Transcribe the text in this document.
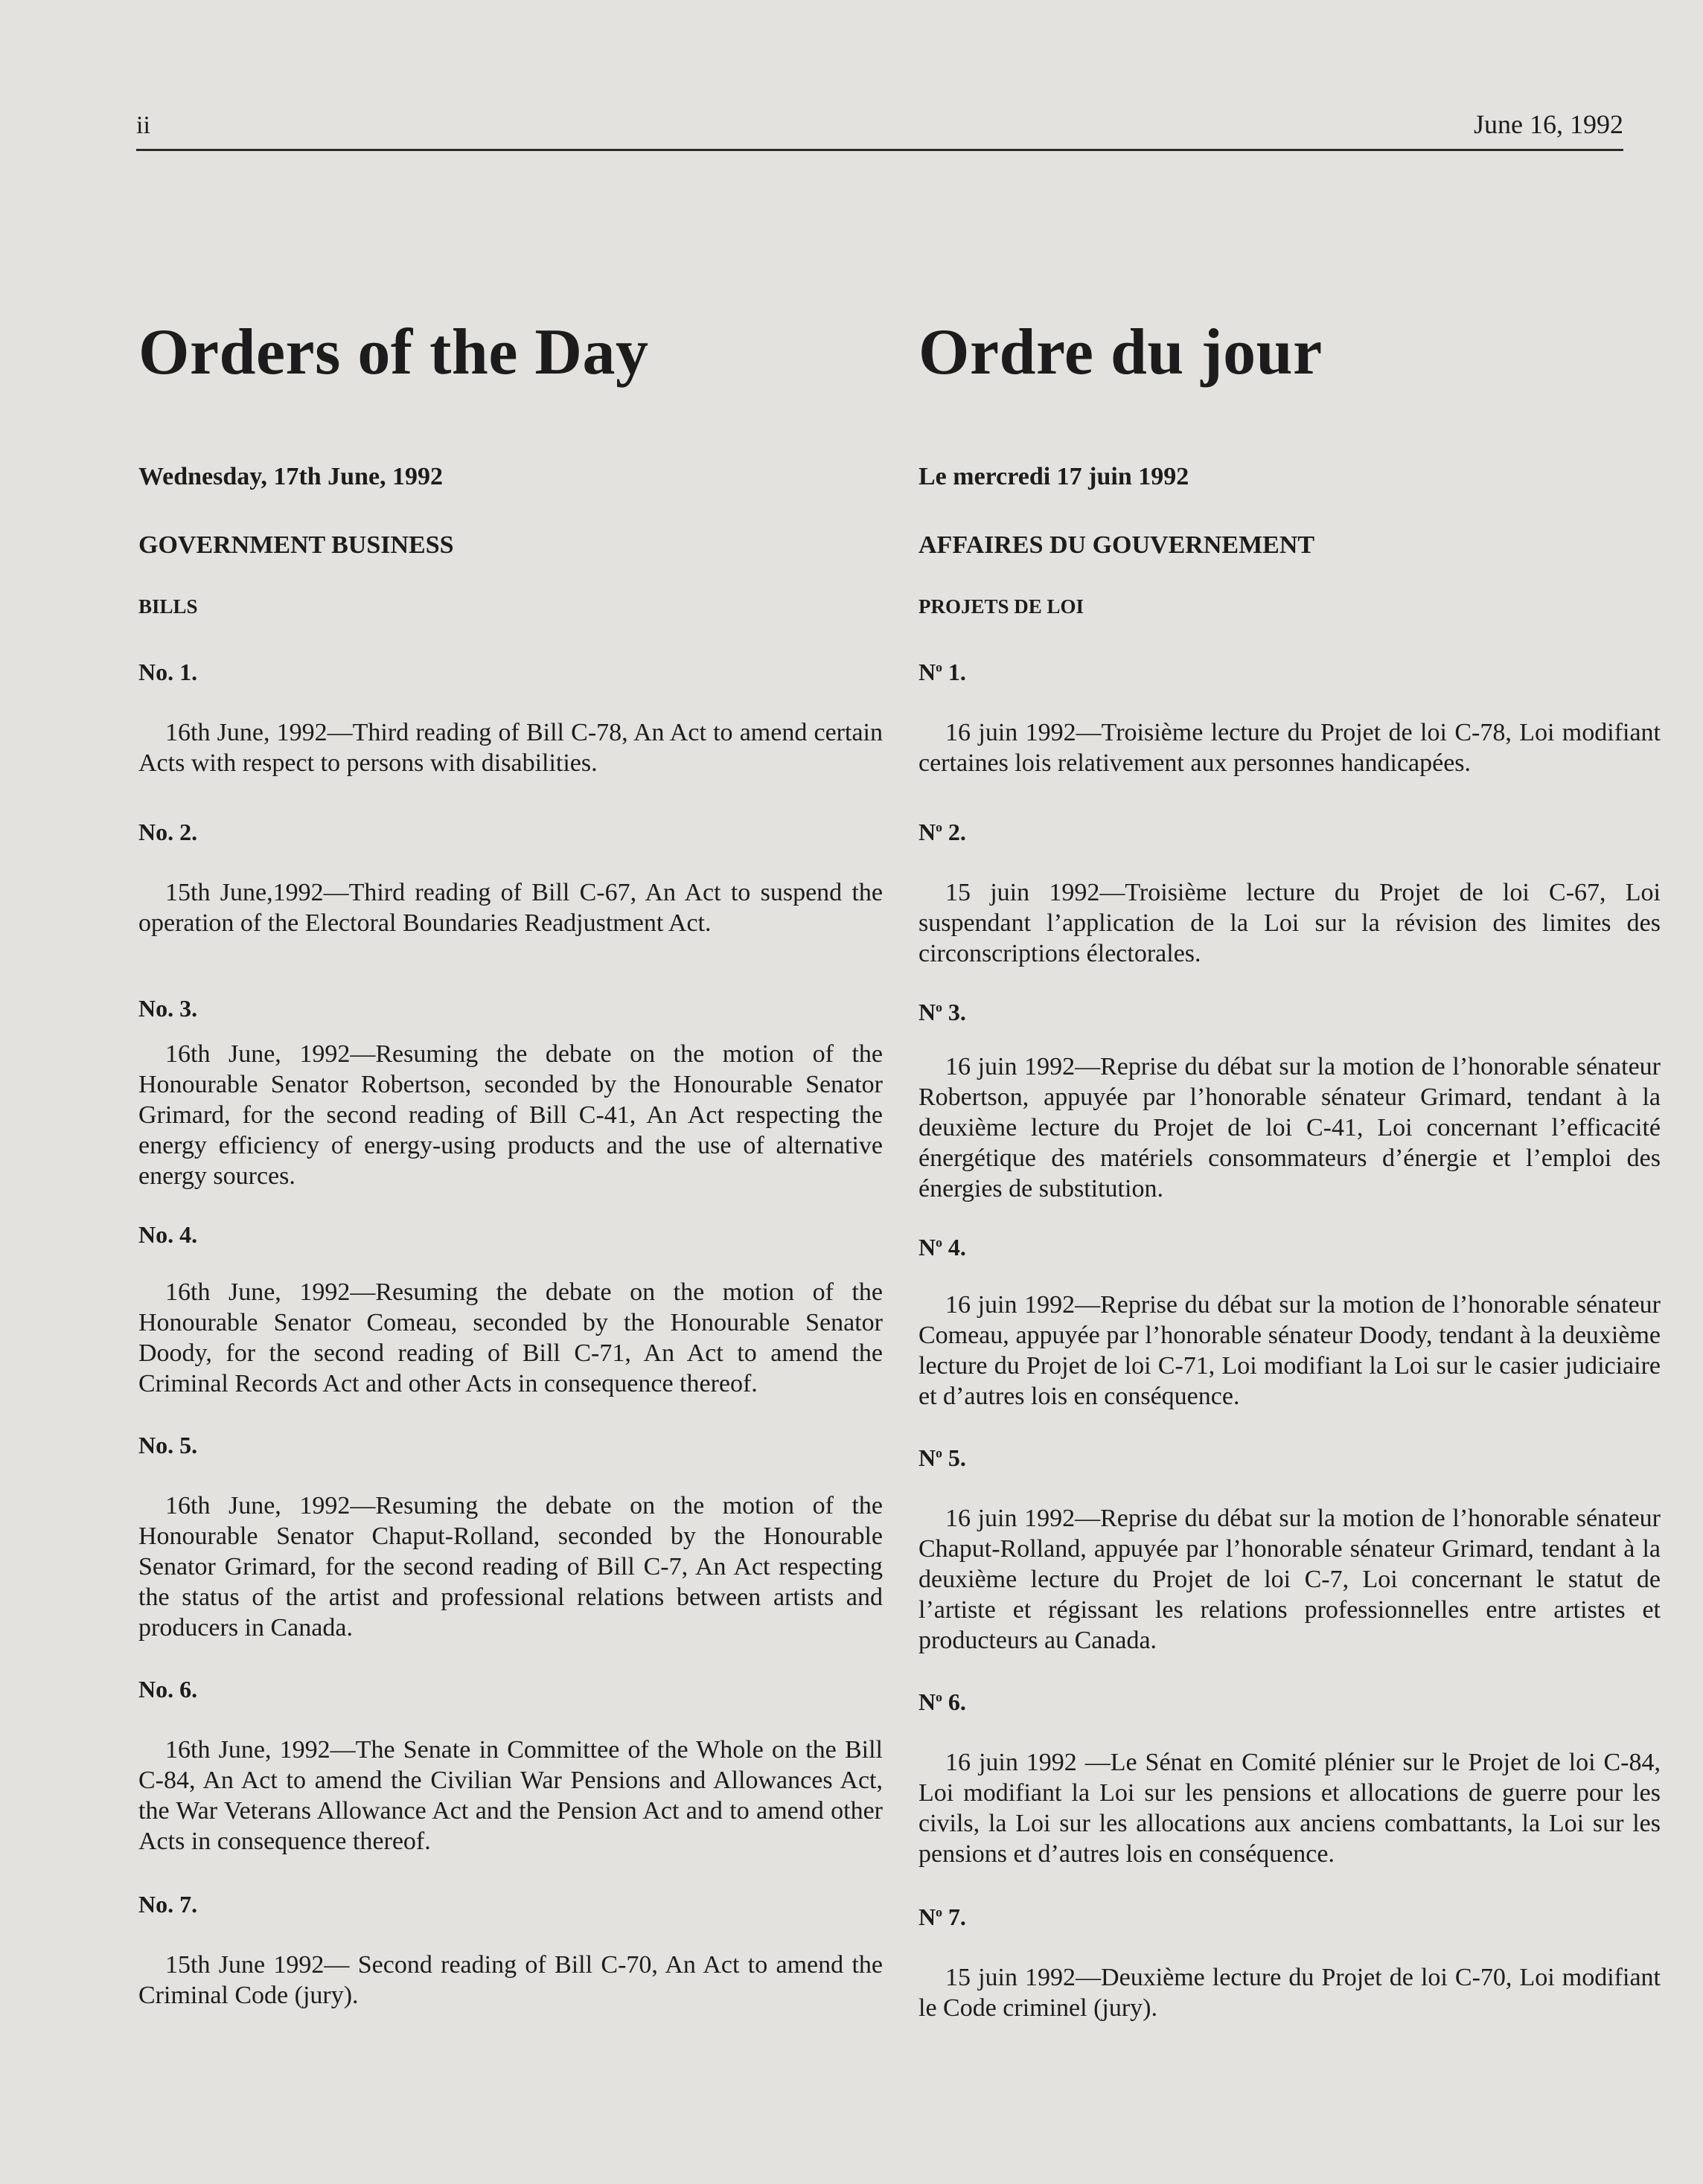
ii	June 16, 1992
Orders of the Day
Wednesday, 17th June, 1992
GOVERNMENT BUSINESS
BILLS
No. 1.
16th June, 1992—Third reading of Bill C-78, An Act to amend certain Acts with respect to persons with disabilities.
No. 2.
15th June,1992—Third reading of Bill C-67, An Act to suspend the operation of the Electoral Boundaries Readjustment Act.
No. 3.
16th June, 1992—Resuming the debate on the motion of the Honourable Senator Robertson, seconded by the Honourable Senator Grimard, for the second reading of Bill C-41, An Act respecting the energy efficiency of energy-using products and the use of alternative energy sources.
No. 4.
16th June, 1992—Resuming the debate on the motion of the Honourable Senator Comeau, seconded by the Honourable Senator Doody, for the second reading of Bill C-71, An Act to amend the Criminal Records Act and other Acts in consequence thereof.
No. 5.
16th June, 1992—Resuming the debate on the motion of the Honourable Senator Chaput-Rolland, seconded by the Honourable Senator Grimard, for the second reading of Bill C-7, An Act respecting the status of the artist and professional relations between artists and producers in Canada.
No. 6.
16th June, 1992—The Senate in Committee of the Whole on the Bill C-84, An Act to amend the Civilian War Pensions and Allowances Act, the War Veterans Allowance Act and the Pension Act and to amend other Acts in consequence thereof.
No. 7.
15th June 1992— Second reading of Bill C-70, An Act to amend the Criminal Code (jury).
Ordre du jour
Le mercredi 17 juin 1992
AFFAIRES DU GOUVERNEMENT
PROJETS DE LOI
$N^o$ 1.
16 juin 1992—Troisième lecture du Projet de loi C-78, Loi modifiant certaines lois relativement aux personnes handicapées.
$N^o$ 2.
15 juin 1992—Troisième lecture du Projet de loi C-67, Loi suspendant l’application de la Loi sur la révision des limites des circonscriptions électorales.
$N^o$ 3.
16 juin 1992—Reprise du débat sur la motion de l’honorable sénateur Robertson, appuyée par l’honorable sénateur Grimard, tendant à la deuxième lecture du Projet de loi C-41, Loi concernant l’efficacité énergétique des matériels consommateurs d’énergie et l’emploi des énergies de substitution.
$N^o$ 4.
16 juin 1992—Reprise du débat sur la motion de l’honorable sénateur Comeau, appuyée par l’honorable sénateur Doody, tendant à la deuxième lecture du Projet de loi C-71, Loi modifiant la Loi sur le casier judiciaire et d’autres lois en conséquence.
$N^o$ 5.
16 juin 1992—Reprise du débat sur la motion de l’honorable sénateur Chaput-Rolland, appuyée par l’honorable sénateur Grimard, tendant à la deuxième lecture du Projet de loi C-7, Loi concernant le statut de l’artiste et régissant les relations professionnelles entre artistes et producteurs au Canada.
$N^o$ 6.
16 juin 1992 —Le Sénat en Comité plénier sur le Projet de loi C-84, Loi modifiant la Loi sur les pensions et allocations de guerre pour les civils, la Loi sur les allocations aux anciens combattants, la Loi sur les pensions et d’autres lois en conséquence.
$N^o$ 7.
15 juin 1992—Deuxième lecture du Projet de loi C-70, Loi modifiant le Code criminel (jury).
